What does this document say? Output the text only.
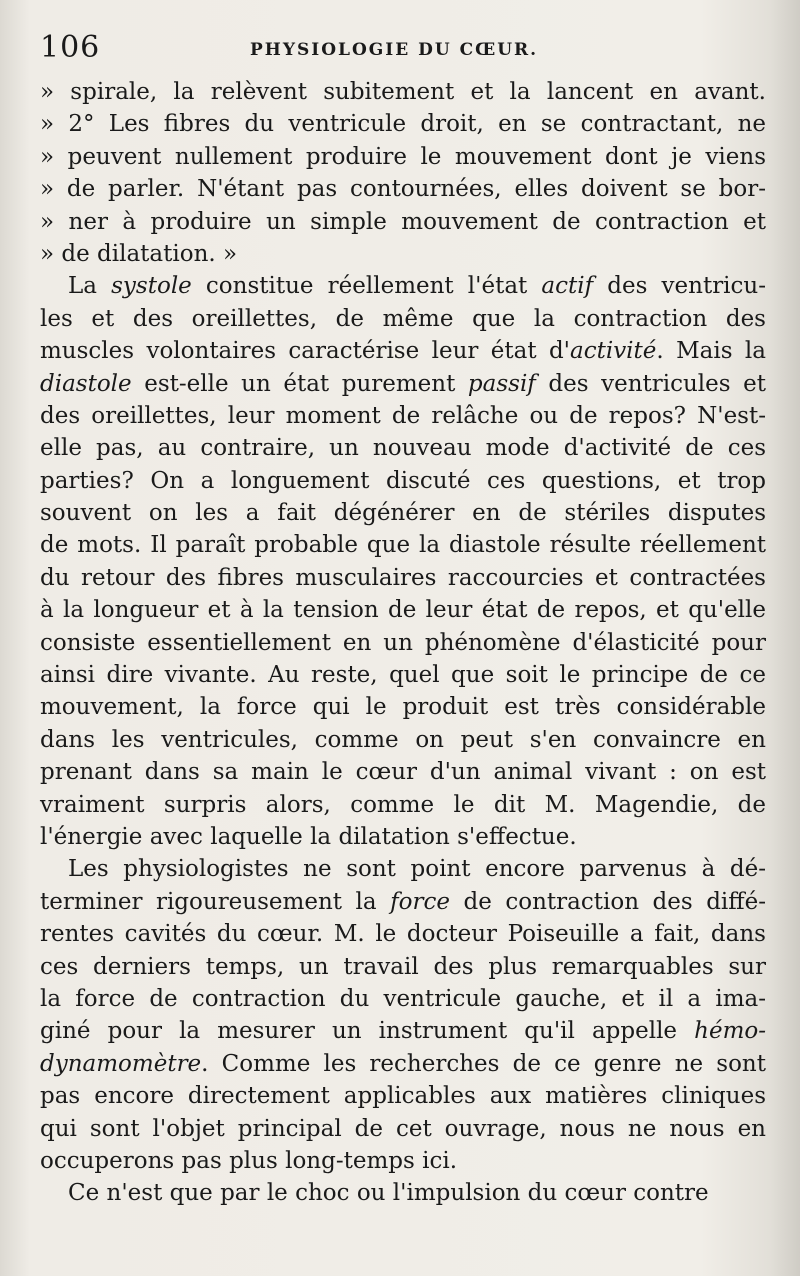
106	PHYSIOLOGIE DU CŒUR.
» spirale, la relèvent subitement et la lancent en avant.
» 2° Les fibres du ventricule droit, en se contractant, ne
» peuvent nullement produire le mouvement dont je viens
» de parler. N'étant pas contournées, elles doivent se bor-
» ner à produire un simple mouvement de contraction et
» de dilatation. »
La systole constitue réellement l'état actif des ventricu-
les et des oreillettes, de même que la contraction des
muscles volontaires caractérise leur état d'activité. Mais la
diastole est-elle un état purement passif des ventricules et
des oreillettes, leur moment de relâche ou de repos? N'est-
elle pas, au contraire, un nouveau mode d'activité de ces
parties? On a longuement discuté ces questions, et trop
souvent on les a fait dégénérer en de stériles disputes
de mots. Il paraît probable que la diastole résulte réellement
du retour des fibres musculaires raccourcies et contractées
à la longueur et à la tension de leur état de repos, et qu'elle
consiste essentiellement en un phénomène d'élasticité pour
ainsi dire vivante. Au reste, quel que soit le principe de ce
mouvement, la force qui le produit est très considérable
dans les ventricules, comme on peut s'en convaincre en
prenant dans sa main le cœur d'un animal vivant : on est
vraiment surpris alors, comme le dit M. Magendie, de
l'énergie avec laquelle la dilatation s'effectue.
Les physiologistes ne sont point encore parvenus à dé-
terminer rigoureusement la force de contraction des diffé-
rentes cavités du cœur. M. le docteur Poiseuille a fait, dans
ces derniers temps, un travail des plus remarquables sur
la force de contraction du ventricule gauche, et il a ima-
giné pour la mesurer un instrument qu'il appelle hémo-
dynamomètre. Comme les recherches de ce genre ne sont
pas encore directement applicables aux matières cliniques
qui sont l'objet principal de cet ouvrage, nous ne nous en
occuperons pas plus long-temps ici.
Ce n'est que par le choc ou l'impulsion du cœur contre
